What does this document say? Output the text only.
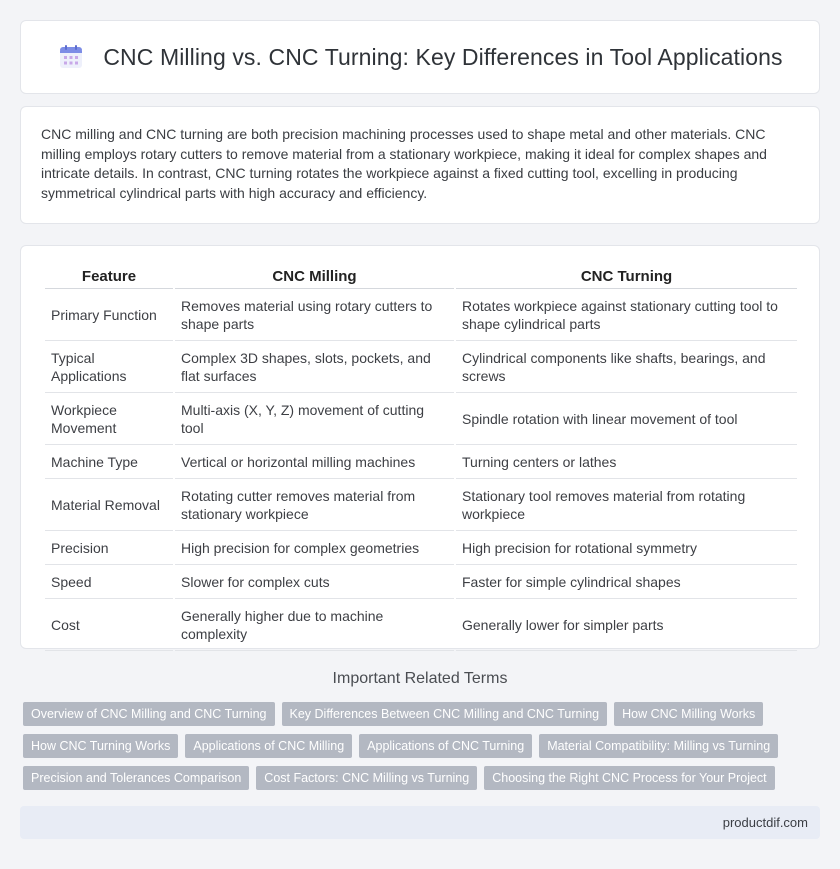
CNC Milling vs. CNC Turning: Key Differences in Tool Applications

CNC milling and CNC turning are both precision machining processes used to shape metal and other materials. CNC milling employs rotary cutters to remove material from a stationary workpiece, making it ideal for complex shapes and intricate details. In contrast, CNC turning rotates the workpiece against a fixed cutting tool, excelling in producing symmetrical cylindrical parts with high accuracy and efficiency.

Feature	CNC Milling	CNC Turning
Primary Function	Removes material using rotary cutters to shape parts	Rotates workpiece against stationary cutting tool to shape cylindrical parts
Typical Applications	Complex 3D shapes, slots, pockets, and flat surfaces	Cylindrical components like shafts, bearings, and screws
Workpiece Movement	Multi-axis (X, Y, Z) movement of cutting tool	Spindle rotation with linear movement of tool
Machine Type	Vertical or horizontal milling machines	Turning centers or lathes
Material Removal	Rotating cutter removes material from stationary workpiece	Stationary tool removes material from rotating workpiece
Precision	High precision for complex geometries	High precision for rotational symmetry
Speed	Slower for complex cuts	Faster for simple cylindrical shapes
Cost	Generally higher due to machine complexity	Generally lower for simpler parts
Important Related Terms
Overview of CNC Milling and CNC Turning	Key Differences Between CNC Milling and CNC Turning	How CNC Milling Works
How CNC Turning Works	Applications of CNC Milling	Applications of CNC Turning	Material Compatibility: Milling vs Turning
Precision and Tolerances Comparison	Cost Factors: CNC Milling vs Turning	Choosing the Right CNC Process for Your Project
productdif.com
